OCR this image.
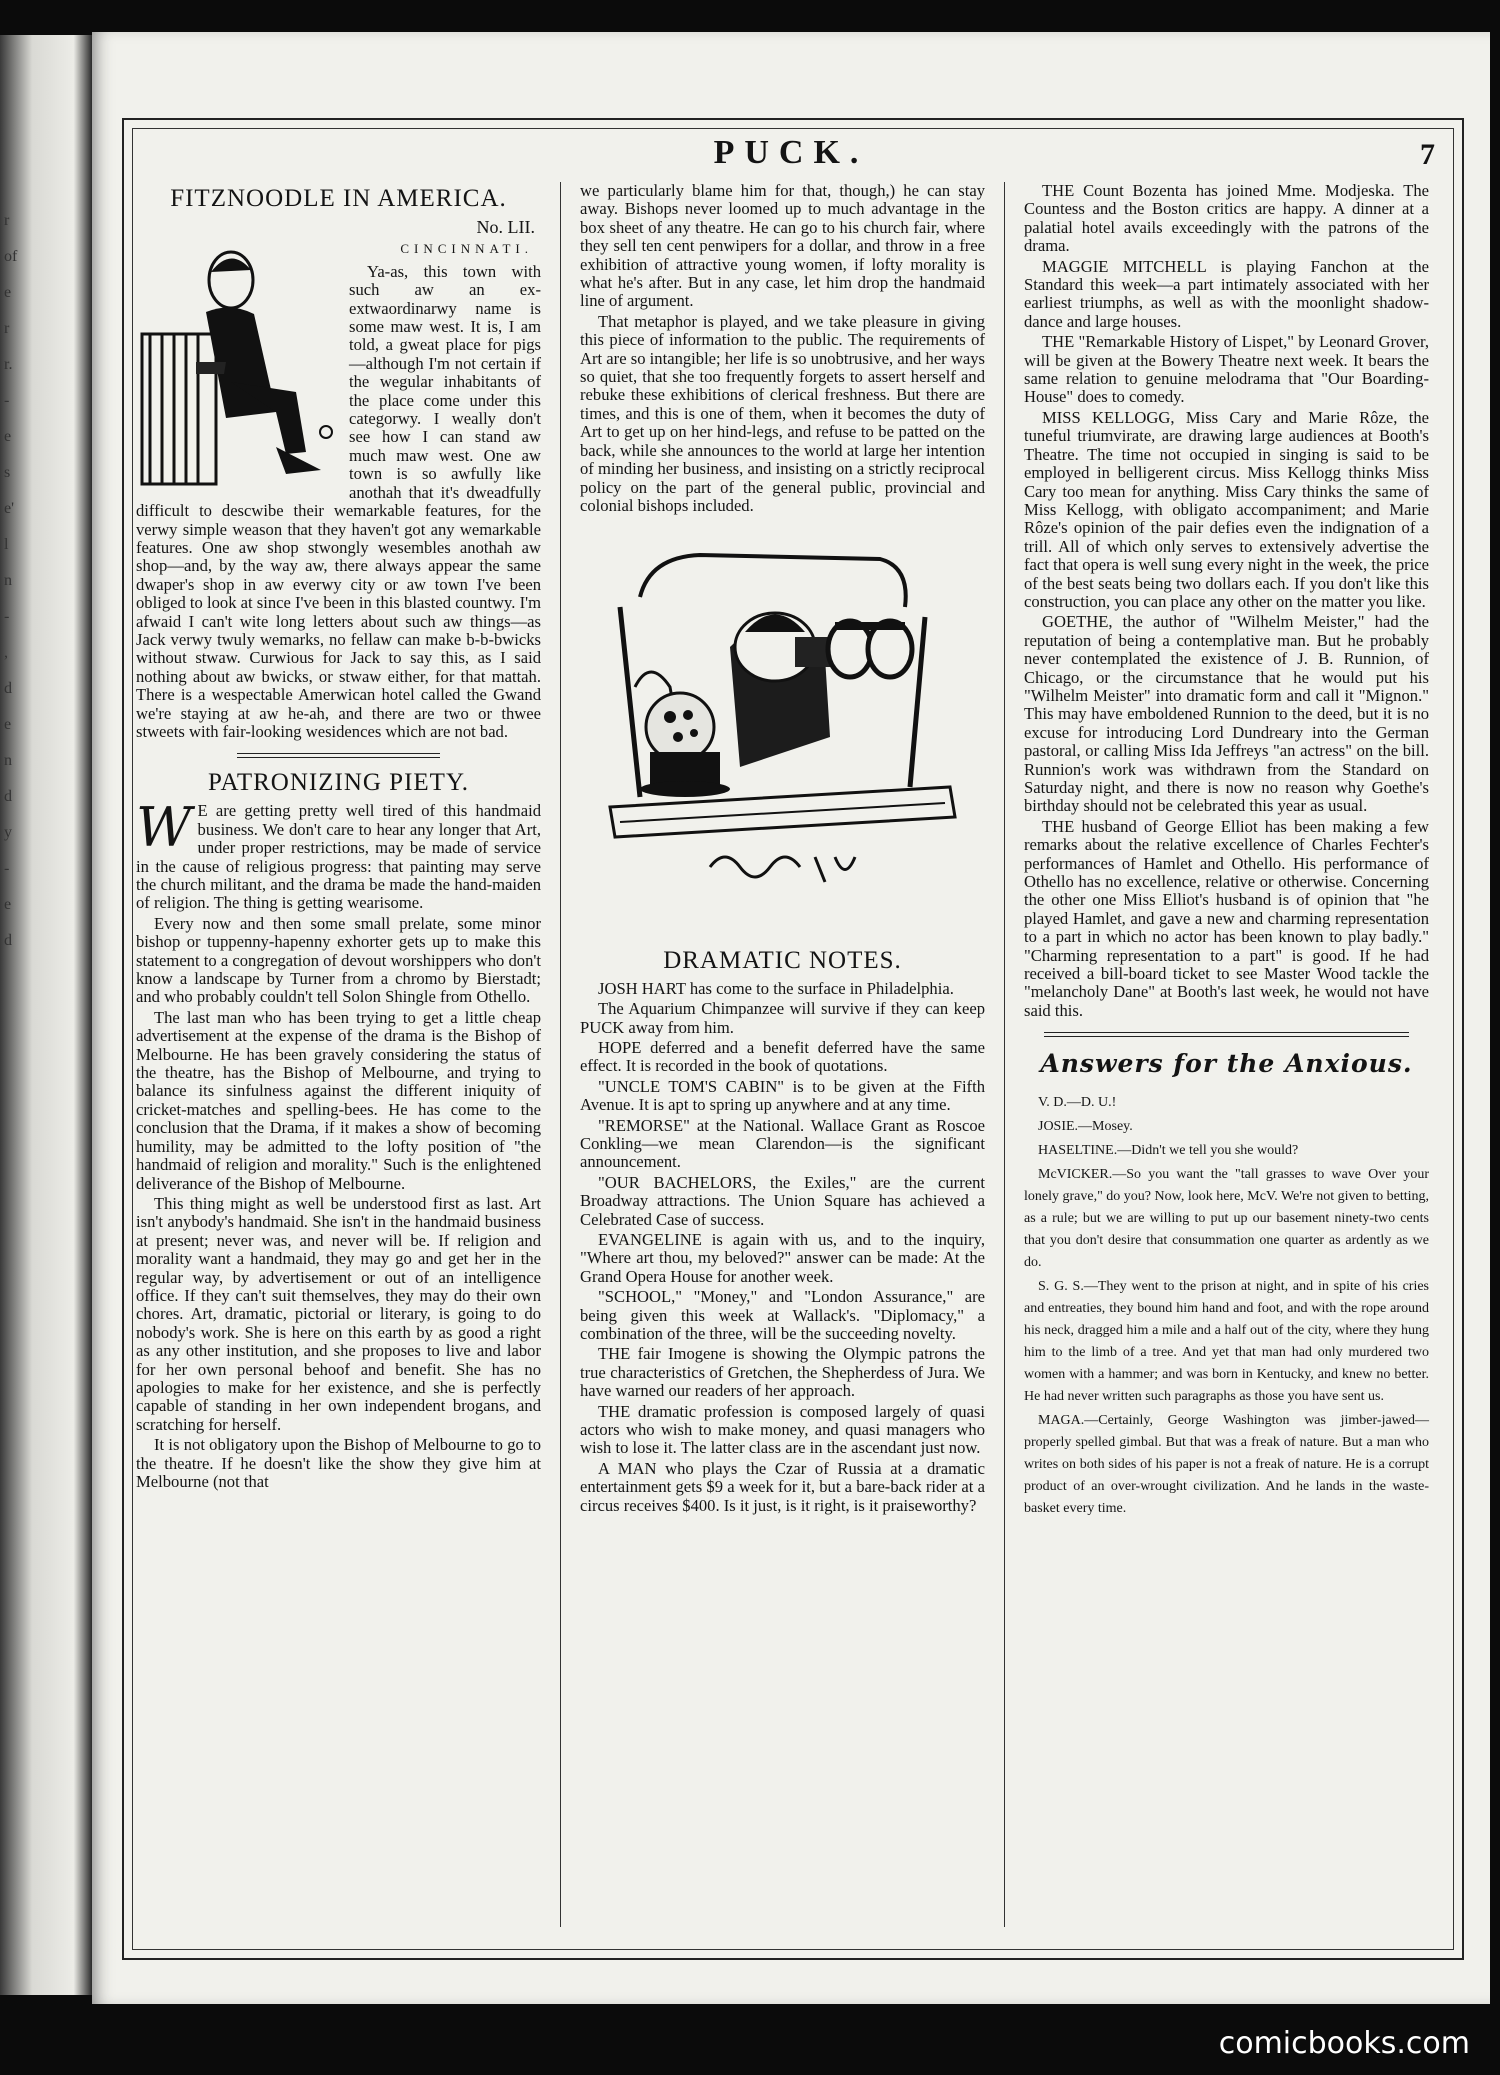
r
of
e
r
r.
-
e
s
e'
l
n
-
,
d
e
n
d
y
-
e
d
PUCK.	7
FITZNOODLE IN AMERICA.
No. LII.
CINCINNATI.

Ya-as, this town with such aw an ex-extwaordinarwy name is some maw west. It is, I am told, a gweat place for pigs—although I'm not certain if the wegular inhabitants of the place come under this categorwy. I weally don't see how I can stand aw much maw west. One aw town is so awfully like anothah that it's dweadfully difficult to descwibe their wemarkable features, for the verwy simple weason that they haven't got any wemarkable features. One aw shop stwongly wesembles anothah aw shop—and, by the way aw, there always appear the same dwaper's shop in aw everwy city or aw town I've been obliged to look at since I've been in this blasted countwy. I'm afwaid I can't wite long letters about such aw things—as Jack verwy twuly wemarks, no fellaw can make b-b-bwicks without stwaw. Curwious for Jack to say this, as I said nothing about aw bwicks, or stwaw either, for that mattah. There is a wespectable Amerwican hotel called the Gwand we're staying at aw he-ah, and there are two or thwee stweets with fair-looking wesidences which are not bad.

PATRONIZING PIETY.
W E are getting pretty well tired of this handmaid business. We don't care to hear any longer that Art, under proper restrictions, may be made of service in the cause of religious progress: that painting may serve the church militant, and the drama be made the hand-maiden of religion. The thing is getting wearisome.

Every now and then some small prelate, some minor bishop or tuppenny-hapenny exhorter gets up to make this statement to a congregation of devout worshippers who don't know a landscape by Turner from a chromo by Bierstadt; and who probably couldn't tell Solon Shingle from Othello.

The last man who has been trying to get a little cheap advertisement at the expense of the drama is the Bishop of Melbourne. He has been gravely considering the status of the theatre, has the Bishop of Melbourne, and trying to balance its sinfulness against the different iniquity of cricket-matches and spelling-bees. He has come to the conclusion that the Drama, if it makes a show of becoming humility, may be admitted to the lofty position of "the handmaid of religion and morality." Such is the enlightened deliverance of the Bishop of Melbourne.

This thing might as well be understood first as last. Art isn't anybody's handmaid. She isn't in the handmaid business at present; never was, and never will be. If religion and morality want a handmaid, they may go and get her in the regular way, by advertisement or out of an intelligence office. If they can't suit themselves, they may do their own chores. Art, dramatic, pictorial or literary, is going to do nobody's work. She is here on this earth by as good a right as any other institution, and she proposes to live and labor for her own personal behoof and benefit. She has no apologies to make for her existence, and she is perfectly capable of standing in her own independent brogans, and scratching for herself.

It is not obligatory upon the Bishop of Melbourne to go to the theatre. If he doesn't like the show they give him at Melbourne (not that

we particularly blame him for that, though,) he can stay away. Bishops never loomed up to much advantage in the box sheet of any theatre. He can go to his church fair, where they sell ten cent penwipers for a dollar, and throw in a free exhibition of attractive young women, if lofty morality is what he's after. But in any case, let him drop the handmaid line of argument.

That metaphor is played, and we take pleasure in giving this piece of information to the public. The requirements of Art are so intangible; her life is so unobtrusive, and her ways so quiet, that she too frequently forgets to assert herself and rebuke these exhibitions of clerical freshness. But there are times, and this is one of them, when it becomes the duty of Art to get up on her hind-legs, and refuse to be patted on the back, while she announces to the world at large her intention of minding her business, and insisting on a strictly reciprocal policy on the part of the general public, provincial and colonial bishops included.

DRAMATIC NOTES.

JOSH HART has come to the surface in Philadelphia.

The Aquarium Chimpanzee will survive if they can keep PUCK away from him.

HOPE deferred and a benefit deferred have the same effect. It is recorded in the book of quotations.

"UNCLE TOM'S CABIN" is to be given at the Fifth Avenue. It is apt to spring up anywhere and at any time.

"REMORSE" at the National. Wallace Grant as Roscoe Conkling—we mean Clarendon—is the significant announcement.

"OUR BACHELORS, the Exiles," are the current Broadway attractions. The Union Square has achieved a Celebrated Case of success.

EVANGELINE is again with us, and to the inquiry, "Where art thou, my beloved?" answer can be made: At the Grand Opera House for another week.

"SCHOOL," "Money," and "London Assurance," are being given this week at Wallack's. "Diplomacy," a combination of the three, will be the succeeding novelty.

THE fair Imogene is showing the Olympic patrons the true characteristics of Gretchen, the Shepherdess of Jura. We have warned our readers of her approach.

THE dramatic profession is composed largely of quasi actors who wish to make money, and quasi managers who wish to lose it. The latter class are in the ascendant just now.

A MAN who plays the Czar of Russia at a dramatic entertainment gets $9 a week for it, but a bare-back rider at a circus receives $400. Is it just, is it right, is it praiseworthy?

THE Count Bozenta has joined Mme. Modjeska. The Countess and the Boston critics are happy. A dinner at a palatial hotel avails exceedingly with the patrons of the drama.

MAGGIE MITCHELL is playing Fanchon at the Standard this week—a part intimately associated with her earliest triumphs, as well as with the moonlight shadow-dance and large houses.

THE "Remarkable History of Lispet," by Leonard Grover, will be given at the Bowery Theatre next week. It bears the same relation to genuine melodrama that "Our Boarding-House" does to comedy.

MISS KELLOGG, Miss Cary and Marie Rôze, the tuneful triumvirate, are drawing large audiences at Booth's Theatre. The time not occupied in singing is said to be employed in belligerent circus. Miss Kellogg thinks Miss Cary too mean for anything. Miss Cary thinks the same of Miss Kellogg, with obligato accompaniment; and Marie Rôze's opinion of the pair defies even the indignation of a trill. All of which only serves to extensively advertise the fact that opera is well sung every night in the week, the price of the best seats being two dollars each. If you don't like this construction, you can place any other on the matter you like.

GOETHE, the author of "Wilhelm Meister," had the reputation of being a contemplative man. But he probably never contemplated the existence of J. B. Runnion, of Chicago, or the circumstance that he would put his "Wilhelm Meister" into dramatic form and call it "Mignon." This may have emboldened Runnion to the deed, but it is no excuse for introducing Lord Dundreary into the German pastoral, or calling Miss Ida Jeffreys "an actress" on the bill. Runnion's work was withdrawn from the Standard on Saturday night, and there is now no reason why Goethe's birthday should not be celebrated this year as usual.

THE husband of George Elliot has been making a few remarks about the relative excellence of Charles Fechter's performances of Hamlet and Othello. His performance of Othello has no excellence, relative or otherwise. Concerning the other one Miss Elliot's husband is of opinion that "he played Hamlet, and gave a new and charming representation to a part in which no actor has been known to play badly." "Charming representation to a part" is good. If he had received a bill-board ticket to see Master Wood tackle the "melancholy Dane" at Booth's last week, he would not have said this.

Answers for the Anxious.

V. D.—D. U.!

JOSIE.—Mosey.

HASELTINE.—Didn't we tell you she would?

McVICKER.—So you want the "tall grasses to wave Over your lonely grave," do you? Now, look here, McV. We're not given to betting, as a rule; but we are willing to put up our basement ninety-two cents that you don't desire that consummation one quarter as ardently as we do.

S. G. S.—They went to the prison at night, and in spite of his cries and entreaties, they bound him hand and foot, and with the rope around his neck, dragged him a mile and a half out of the city, where they hung him to the limb of a tree. And yet that man had only murdered two women with a hammer; and was born in Kentucky, and knew no better. He had never written such paragraphs as those you have sent us.

MAGA.—Certainly, George Washington was jimber-jawed—properly spelled gimbal. But that was a freak of nature. But a man who writes on both sides of his paper is not a freak of nature. He is a corrupt product of an over-wrought civilization. And he lands in the waste-basket every time.

comicbooks.com
